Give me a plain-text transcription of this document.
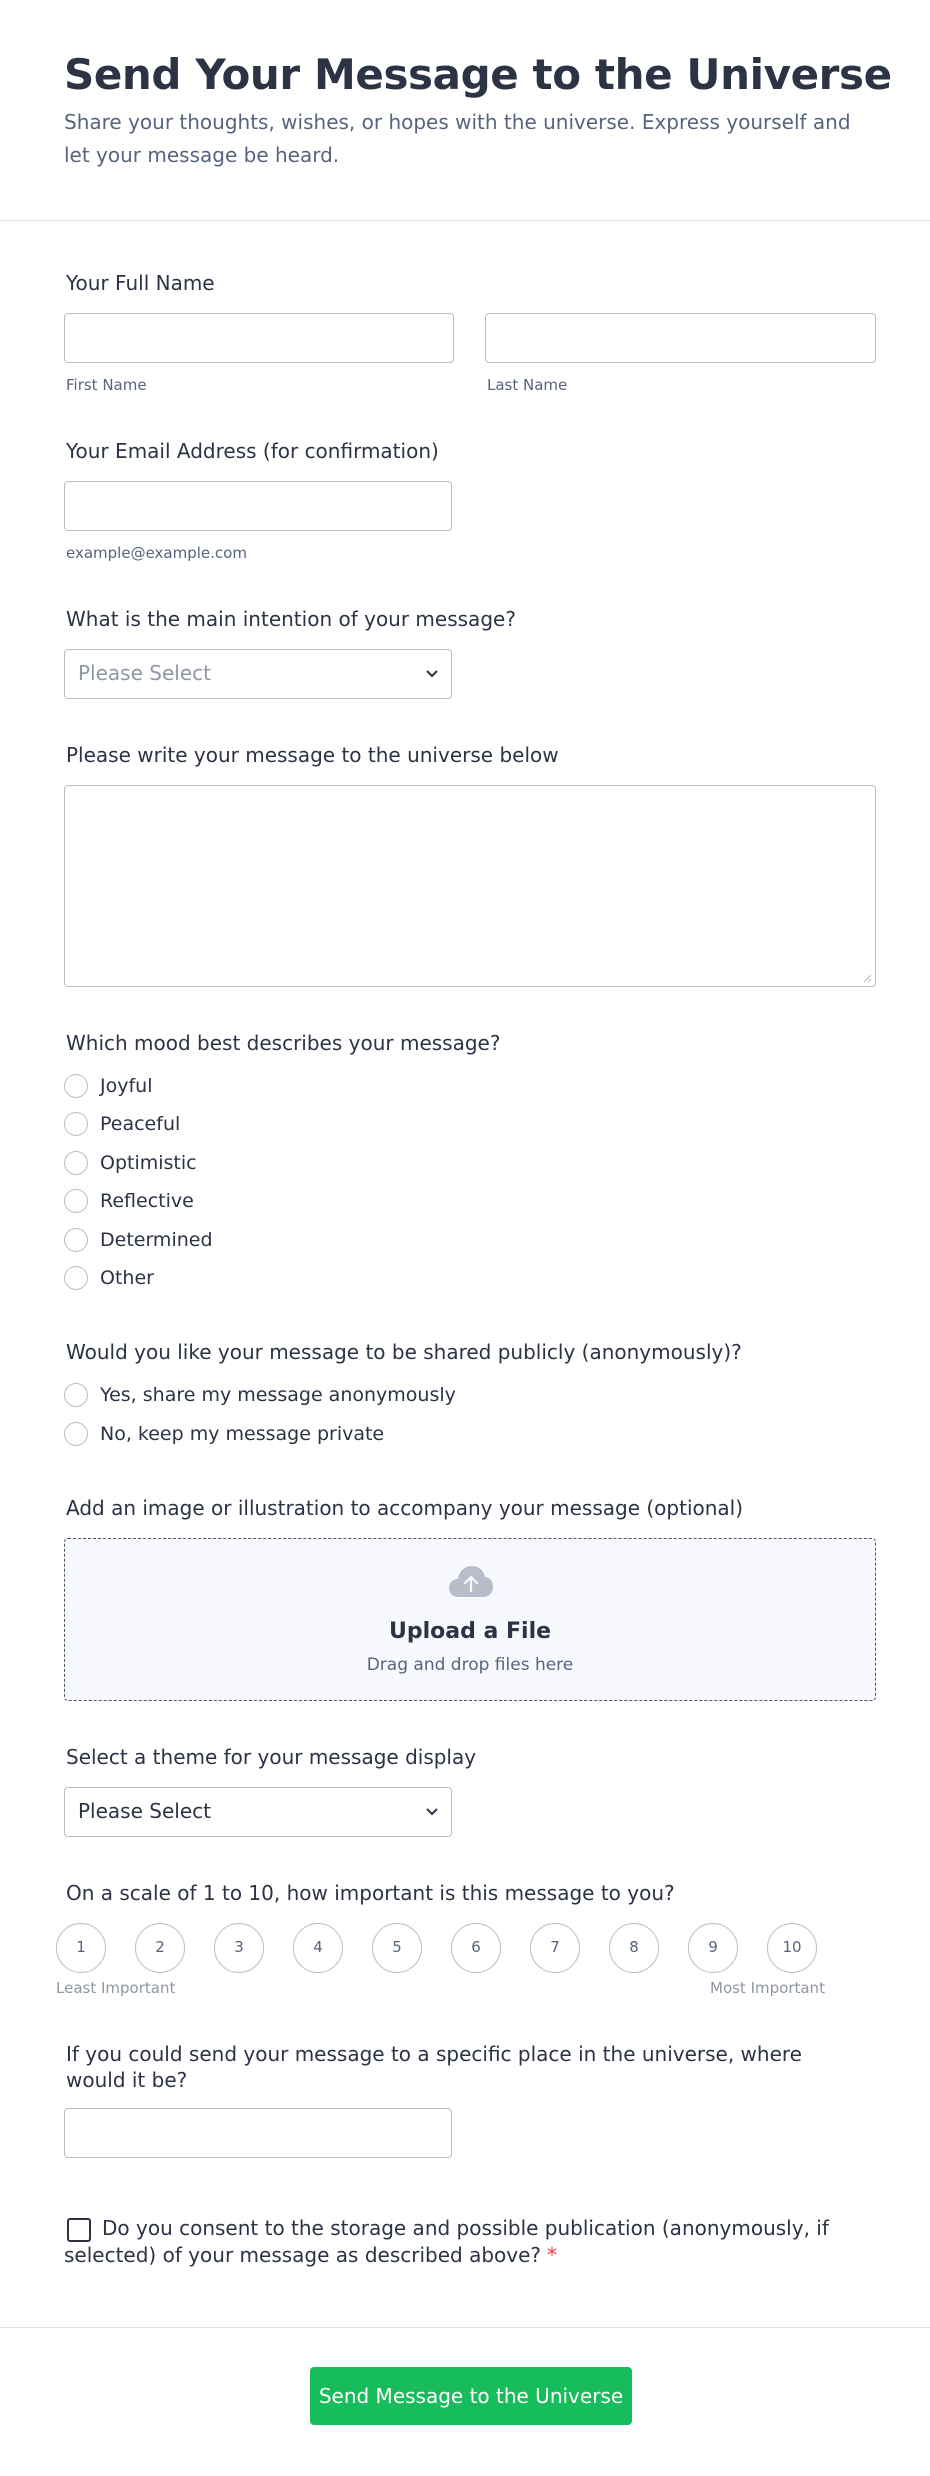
Send Your Message to the Universe

Share your thoughts, wishes, or hopes with the universe. Express yourself and let your message be heard.

Your Full Name
First Name	Last Name
Your Email Address (for confirmation)
example@example.com
What is the main intention of your message?
Please Select
Please write your message to the universe below
Which mood best describes your message?
Joyful
Peaceful
Optimistic
Reflective
Determined
Other
Would you like your message to be shared publicly (anonymously)?
Yes, share my message anonymously
No, keep my message private
Add an image or illustration to accompany your message (optional)
Upload a File
Drag and drop files here
Select a theme for your message display
Please Select
On a scale of 1 to 10, how important is this message to you?
1	2	3	4	5	6	7	8	9	10
Least Important	Most Important
If you could send your message to a specific place in the universe, where would it be?
Do you consent to the storage and possible publication (anonymously, if selected) of your message as described above? *
Send Message to the Universe
